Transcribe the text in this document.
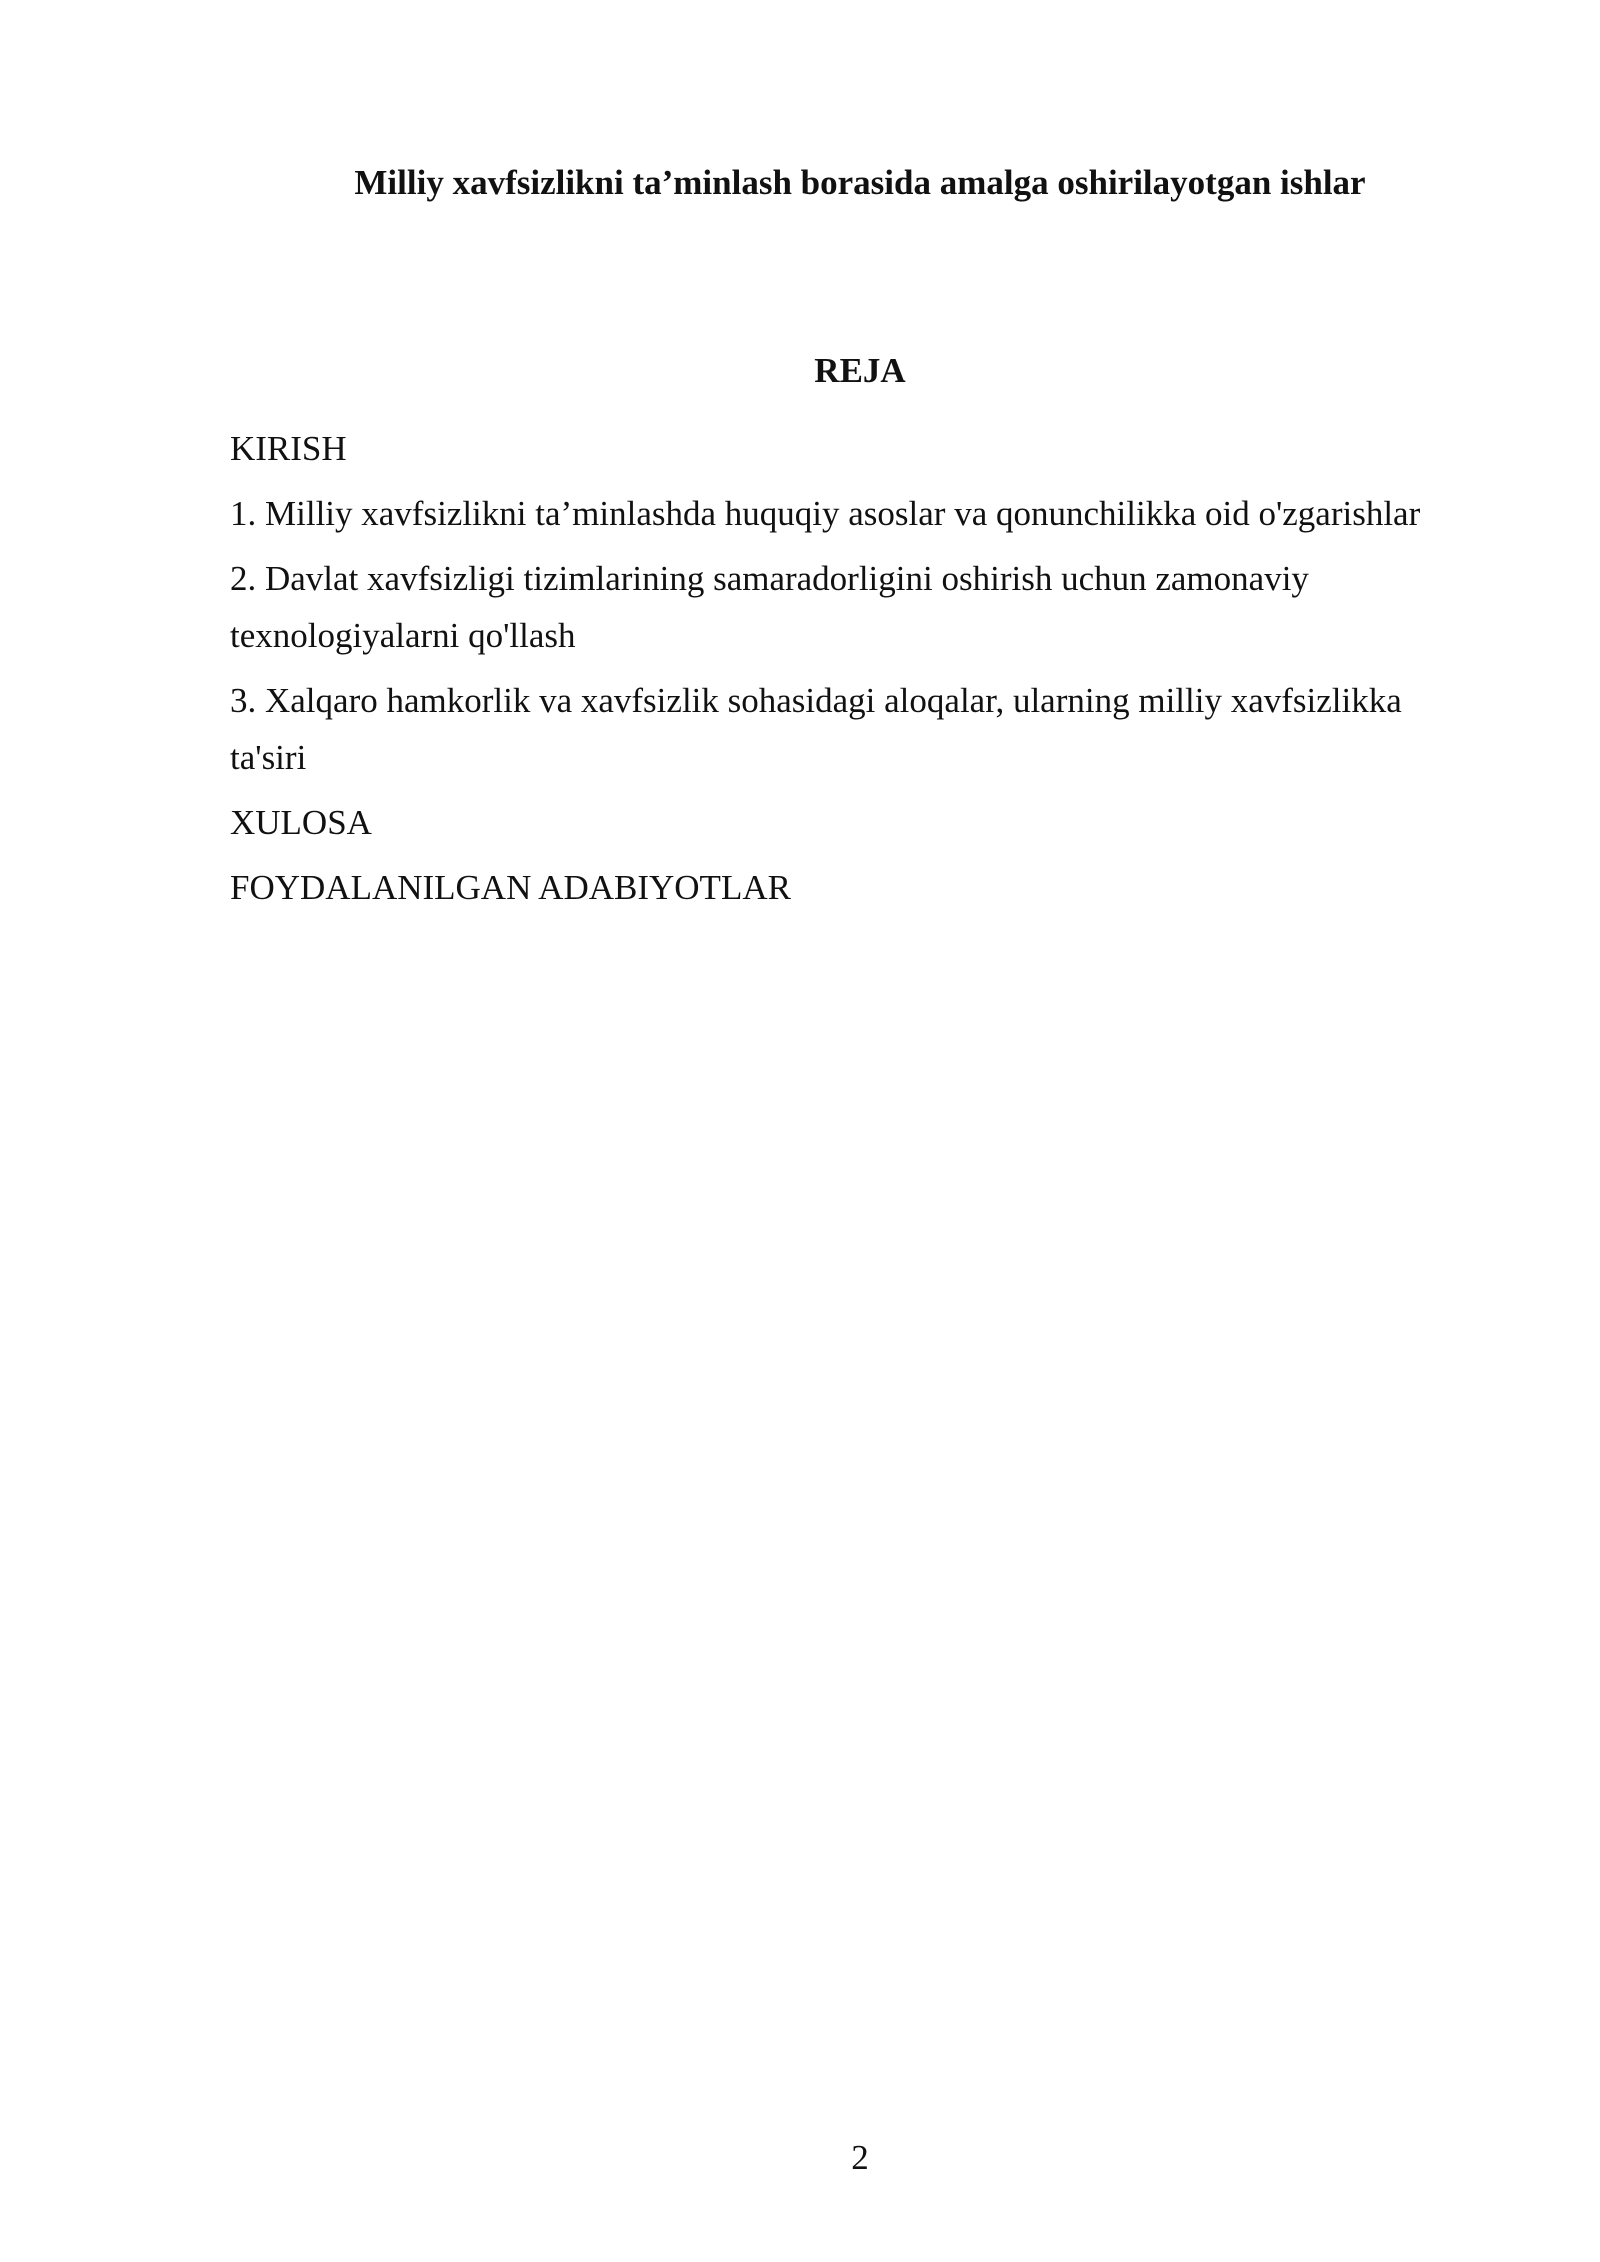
Milliy xavfsizlikni ta’minlash borasida amalga oshirilayotgan ishlar
REJA
KIRISH
1. Milliy xavfsizlikni ta’minlashda huquqiy asoslar va qonunchilikka oid o'zgarishlar
2. Davlat xavfsizligi tizimlarining samaradorligini oshirish uchun zamonaviy texnologiyalarni qo'llash
3. Xalqaro hamkorlik va xavfsizlik sohasidagi aloqalar, ularning milliy xavfsizlikka ta'siri
XULOSA
FOYDALANILGAN ADABIYOTLAR
2
